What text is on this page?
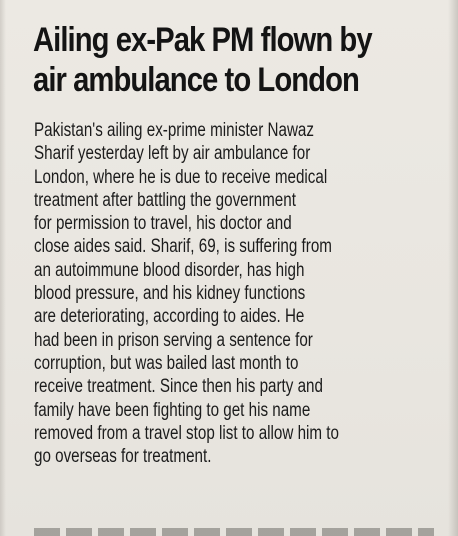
Ailing ex-Pak PM flown by
air ambulance to London
Pakistan's ailing ex-prime minister Nawaz
Sharif yesterday left by air ambulance for
London, where he is due to receive medical
treatment after battling the government
for permission to travel, his doctor and
close aides said. Sharif, 69, is suffering from
an autoimmune blood disorder, has high
blood pressure, and his kidney functions
are deteriorating, according to aides. He
had been in prison serving a sentence for
corruption, but was bailed last month to
receive treatment. Since then his party and
family have been fighting to get his name
removed from a travel stop list to allow him to
go overseas for treatment.
